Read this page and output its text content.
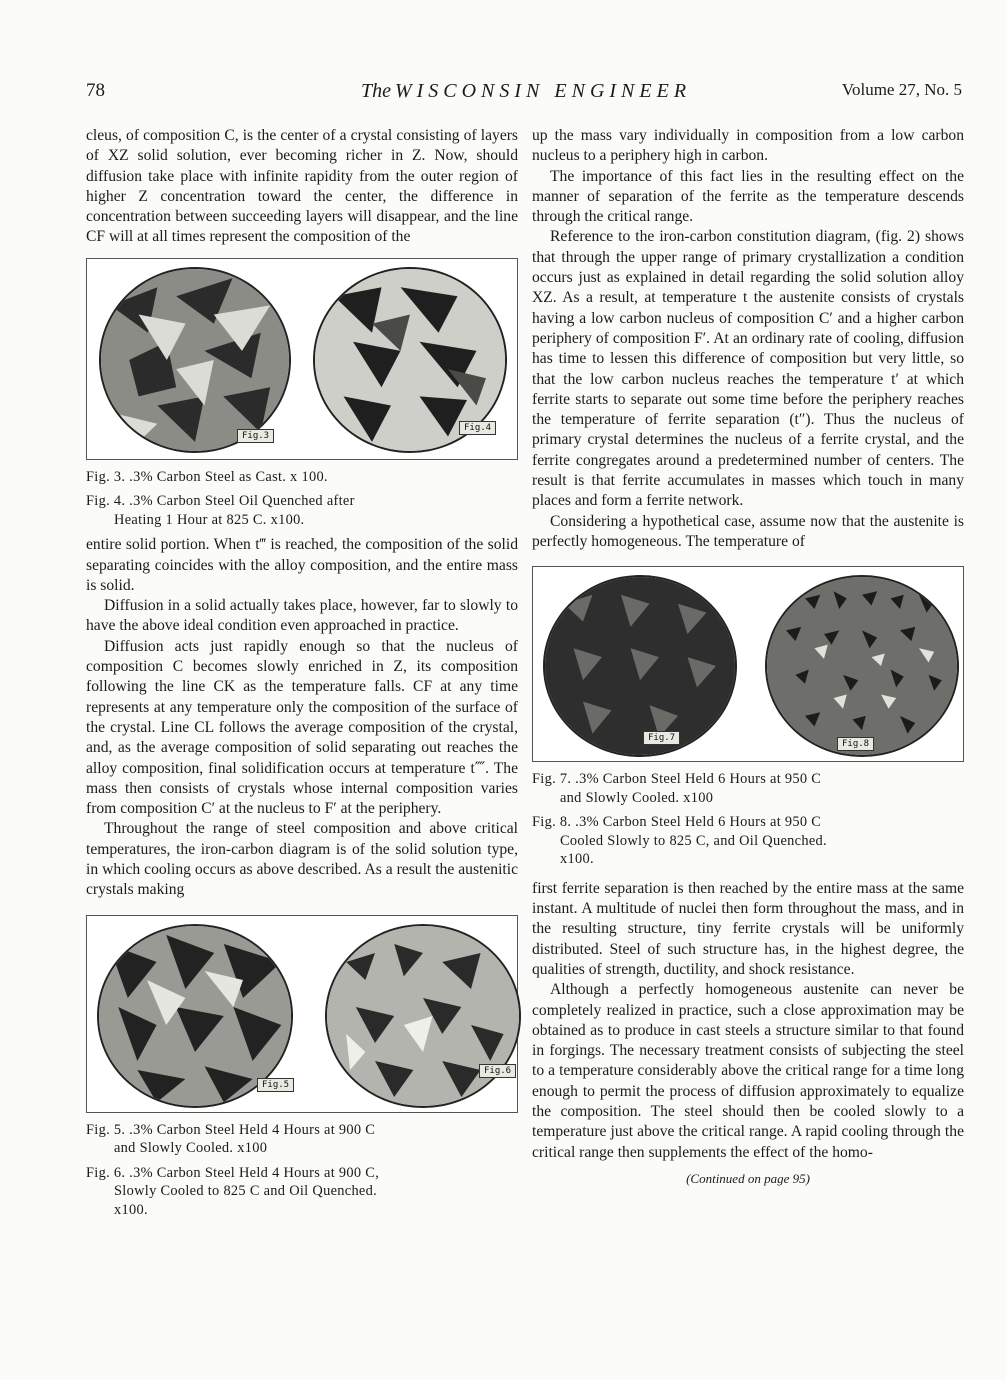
78	The WISCONSIN ENGINEER	Volume 27, No. 5

cleus, of composition C, is the center of a crystal consisting of layers of XZ solid solution, ever becoming richer in Z. Now, should diffusion take place with infinite rapidity from the outer region of higher Z concentration toward the center, the difference in concentration between succeeding layers will disappear, and the line CF will at all times represent the composition of the

Fig.3
Fig.4

Fig. 3. .3% Carbon Steel as Cast. x 100.

Fig. 4. .3% Carbon Steel Oil Quenched after
Heating 1 Hour at 825 C. x100.

entire solid portion. When t‴ is reached, the composition of the solid separating coincides with the alloy composition, and the entire mass is solid.

Diffusion in a solid actually takes place, however, far to slowly to have the above ideal condition even approached in practice.

Diffusion acts just rapidly enough so that the nucleus of composition C becomes slowly enriched in Z, its composition following the line CK as the temperature falls. CF at any time represents at any temperature only the composition of the surface of the crystal. Line CL follows the average composition of the crystal, and, as the average composition of solid separating out reaches the alloy composition, final solidification occurs at temperature t⁗. The mass then consists of crystals whose internal composition varies from composition C′ at the nucleus to F′ at the periphery.

Throughout the range of steel composition and above critical temperatures, the iron-carbon diagram is of the solid solution type, in which cooling occurs as above described. As a result the austenitic crystals making

Fig.5
Fig.6

Fig. 5. .3% Carbon Steel Held 4 Hours at 900 C
and Slowly Cooled. x100

Fig. 6. .3% Carbon Steel Held 4 Hours at 900 C,
Slowly Cooled to 825 C and Oil Quenched.
x100.

up the mass vary individually in composition from a low carbon nucleus to a periphery high in carbon.

The importance of this fact lies in the resulting effect on the manner of separation of the ferrite as the temperature descends through the critical range.

Reference to the iron-carbon constitution diagram, (fig. 2) shows that through the upper range of primary crystallization a condition occurs just as explained in detail regarding the solid solution alloy XZ. As a result, at temperature t the austenite consists of crystals having a low carbon nucleus of composition C′ and a higher carbon periphery of composition F′. At an ordinary rate of cooling, diffusion has time to lessen this difference of composition but very little, so that the low carbon nucleus reaches the temperature t′ at which ferrite starts to separate out some time before the periphery reaches the temperature of ferrite separation (t″). Thus the nucleus of primary crystal determines the nucleus of a ferrite crystal, and the ferrite congregates around a predetermined number of centers. The result is that ferrite accumulates in masses which touch in many places and form a ferrite network.

Considering a hypothetical case, assume now that the austenite is perfectly homogeneous. The temperature of

Fig.7
Fig.8

Fig. 7. .3% Carbon Steel Held 6 Hours at 950 C
and Slowly Cooled. x100

Fig. 8. .3% Carbon Steel Held 6 Hours at 950 C
Cooled Slowly to 825 C, and Oil Quenched.
x100.

first ferrite separation is then reached by the entire mass at the same instant. A multitude of nuclei then form throughout the mass, and in the resulting structure, tiny ferrite crystals will be uniformly distributed. Steel of such structure has, in the highest degree, the qualities of strength, ductility, and shock resistance.

Although a perfectly homogeneous austenite can never be completely realized in practice, such a close approximation may be obtained as to produce in cast steels a structure similar to that found in forgings. The necessary treatment consists of subjecting the steel to a temperature considerably above the critical range for a time long enough to permit the process of diffusion approximately to equalize the composition. The steel should then be cooled slowly to a temperature just above the critical range. A rapid cooling through the critical range then supplements the effect of the homo-

(Continued on page 95)
